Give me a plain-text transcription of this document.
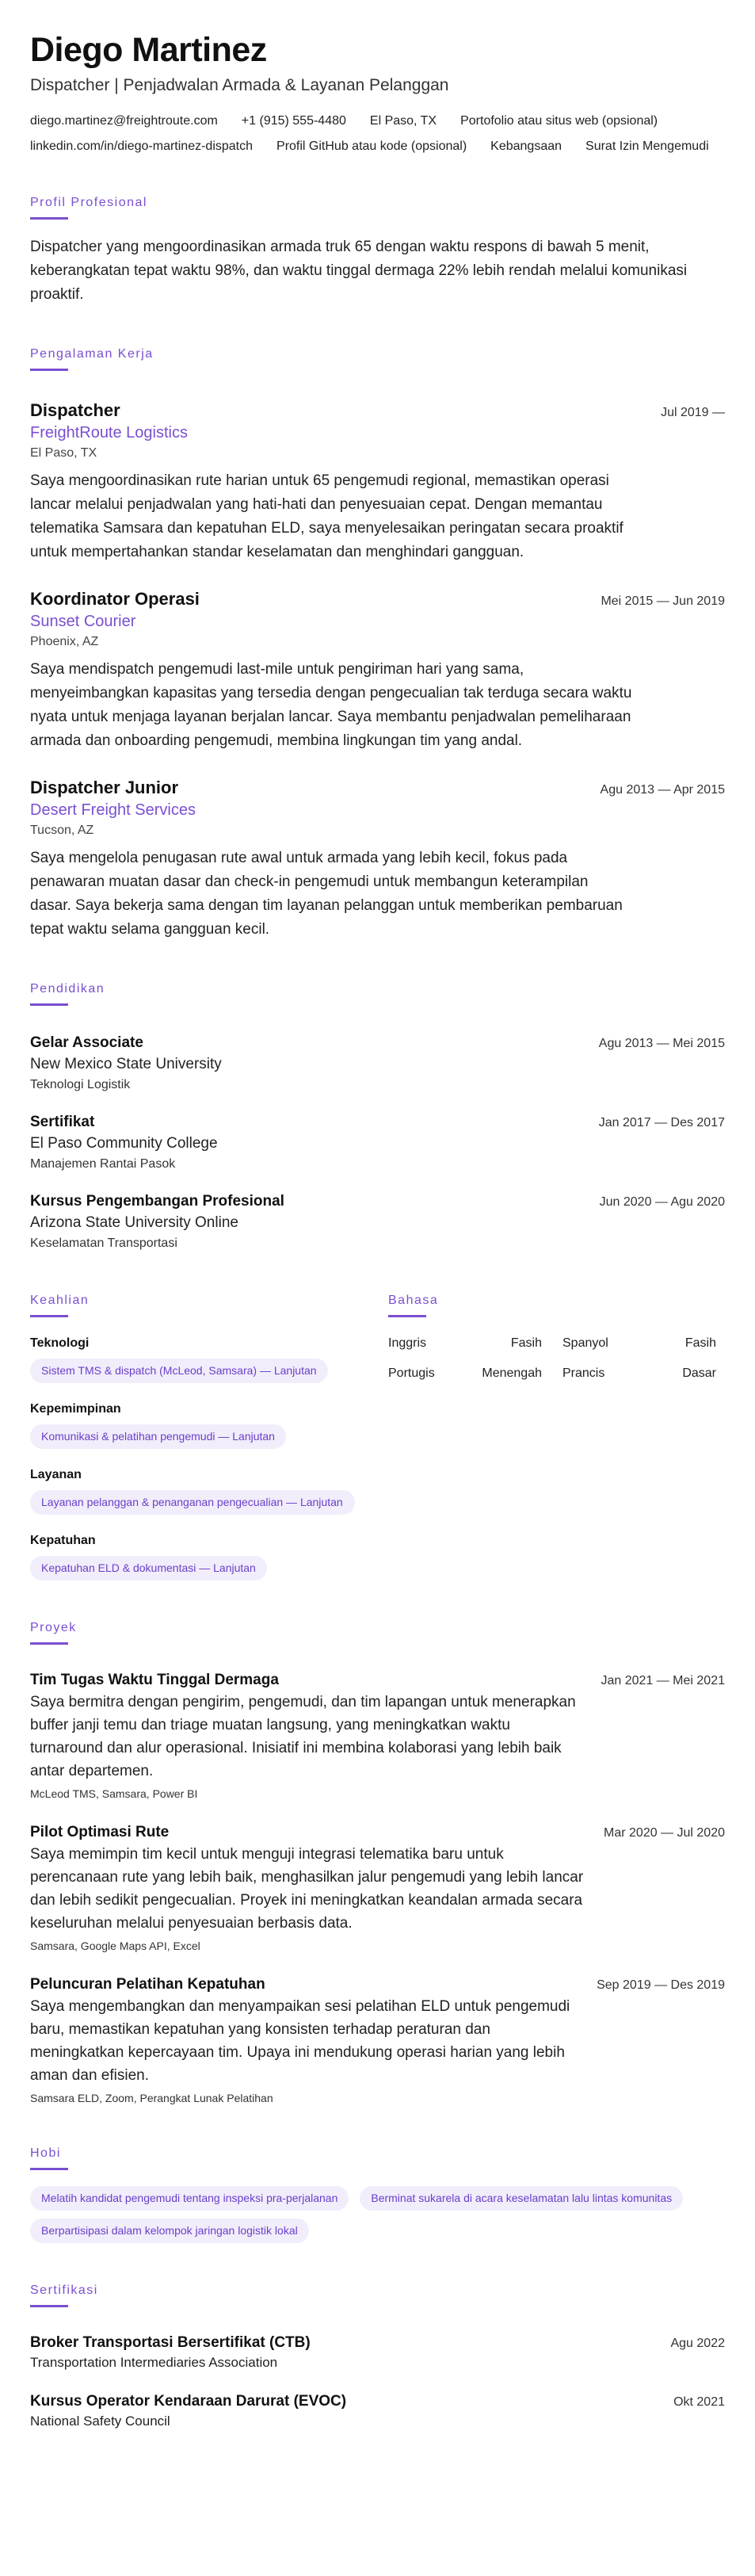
Diego Martinez
Dispatcher | Penjadwalan Armada & Layanan Pelanggan
diego.martinez@freightroute.com +1 (915) 555-4480 El Paso, TX Portofolio atau situs web (opsional)
linkedin.com/in/diego-martinez-dispatch Profil GitHub atau kode (opsional) Kebangsaan Surat Izin Mengemudi
Profil Profesional

Dispatcher yang mengoordinasikan armada truk 65 dengan waktu respons di bawah 5 menit, keberangkatan tepat waktu 98%, dan waktu tinggal dermaga 22% lebih rendah melalui komunikasi proaktif.

Pengalaman Kerja
Dispatcher	Jul 2019 —
FreightRoute Logistics
El Paso, TX

Saya mengoordinasikan rute harian untuk 65 pengemudi regional, memastikan operasi lancar melalui penjadwalan yang hati-hati dan penyesuaian cepat. Dengan memantau telematika Samsara dan kepatuhan ELD, saya menyelesaikan peringatan secara proaktif untuk mempertahankan standar keselamatan dan menghindari gangguan.

Koordinator Operasi	Mei 2015 — Jun 2019
Sunset Courier
Phoenix, AZ

Saya mendispatch pengemudi last-mile untuk pengiriman hari yang sama, menyeimbangkan kapasitas yang tersedia dengan pengecualian tak terduga secara waktu nyata untuk menjaga layanan berjalan lancar. Saya membantu penjadwalan pemeliharaan armada dan onboarding pengemudi, membina lingkungan tim yang andal.

Dispatcher Junior	Agu 2013 — Apr 2015
Desert Freight Services
Tucson, AZ

Saya mengelola penugasan rute awal untuk armada yang lebih kecil, fokus pada penawaran muatan dasar dan check-in pengemudi untuk membangun keterampilan dasar. Saya bekerja sama dengan tim layanan pelanggan untuk memberikan pembaruan tepat waktu selama gangguan kecil.

Pendidikan
Gelar Associate	Agu 2013 — Mei 2015
New Mexico State University
Teknologi Logistik
Sertifikat	Jan 2017 — Des 2017
El Paso Community College
Manajemen Rantai Pasok
Kursus Pengembangan Profesional	Jun 2020 — Agu 2020
Arizona State University Online
Keselamatan Transportasi
Keahlian
Teknologi
Sistem TMS & dispatch (McLeod, Samsara) — Lanjutan
Kepemimpinan
Komunikasi & pelatihan pengemudi — Lanjutan
Layanan
Layanan pelanggan & penanganan pengecualian — Lanjutan
Kepatuhan
Kepatuhan ELD & dokumentasi — Lanjutan
Bahasa
Inggris	Fasih Spanyol	Fasih
Portugis	Menengah Prancis	Dasar
Proyek
Tim Tugas Waktu Tinggal Dermaga	Jan 2021 — Mei 2021

Saya bermitra dengan pengirim, pengemudi, dan tim lapangan untuk menerapkan buffer janji temu dan triage muatan langsung, yang meningkatkan waktu turnaround dan alur operasional. Inisiatif ini membina kolaborasi yang lebih baik antar departemen.

McLeod TMS, Samsara, Power BI
Pilot Optimasi Rute	Mar 2020 — Jul 2020

Saya memimpin tim kecil untuk menguji integrasi telematika baru untuk perencanaan rute yang lebih baik, menghasilkan jalur pengemudi yang lebih lancar dan lebih sedikit pengecualian. Proyek ini meningkatkan keandalan armada secara keseluruhan melalui penyesuaian berbasis data.

Samsara, Google Maps API, Excel
Peluncuran Pelatihan Kepatuhan	Sep 2019 — Des 2019

Saya mengembangkan dan menyampaikan sesi pelatihan ELD untuk pengemudi baru, memastikan kepatuhan yang konsisten terhadap peraturan dan meningkatkan kepercayaan tim. Upaya ini mendukung operasi harian yang lebih aman dan efisien.

Samsara ELD, Zoom, Perangkat Lunak Pelatihan
Hobi
Melatih kandidat pengemudi tentang inspeksi pra-perjalanan	Berminat sukarela di acara keselamatan lalu lintas komunitas
Berpartisipasi dalam kelompok jaringan logistik lokal
Sertifikasi
Broker Transportasi Bersertifikat (CTB)	Agu 2022
Transportation Intermediaries Association
Kursus Operator Kendaraan Darurat (EVOC)	Okt 2021
National Safety Council
